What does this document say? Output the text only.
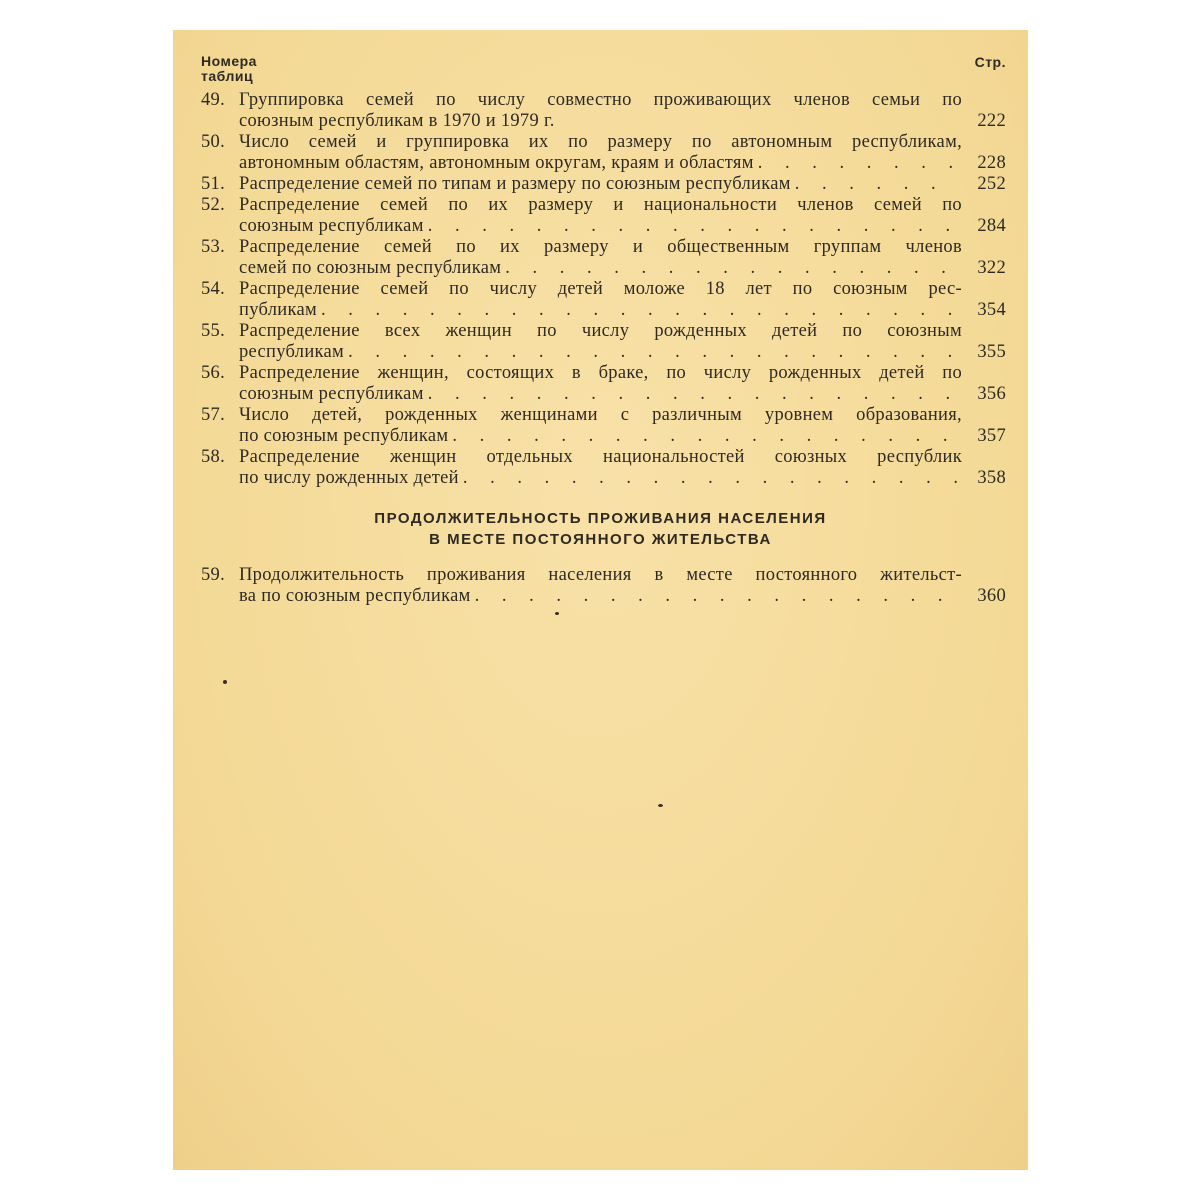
Номера
таблиц
Стр.
49. Группировка семей по числу совместно проживающих членов семьи по
союзным республикам в 1970 и 1979 г.	222
50. Число семей и группировка их по размеру по автономным республикам,
автономным областям, автономным округам, краям и областям . . .	228
51. Распределение семей по типам и размеру по союзным республикам . . .	252
52. Распределение семей по их размеру и национальности членов семей по
союзным республикам . . .	284
53. Распределение семей по их размеру и общественным группам членов
семей по союзным республикам . . .	322
54. Распределение семей по числу детей моложе 18 лет по союзным рес-
публикам . . .	354
55. Распределение всех женщин по числу рожденных детей по союзным
республикам . . .	355
56. Распределение женщин, состоящих в браке, по числу рожденных детей по
союзным республикам . . .	356
57. Число детей, рожденных женщинами с различным уровнем образования,
по союзным республикам . . .	357
58. Распределение женщин отдельных национальностей союзных республик
по числу рожденных детей . . .	358
ПРОДОЛЖИТЕЛЬНОСТЬ ПРОЖИВАНИЯ НАСЕЛЕНИЯ
В МЕСТЕ ПОСТОЯННОГО ЖИТЕЛЬСТВА
59. Продолжительность проживания населения в месте постоянного жительст-
ва по союзным республикам . . .	360
